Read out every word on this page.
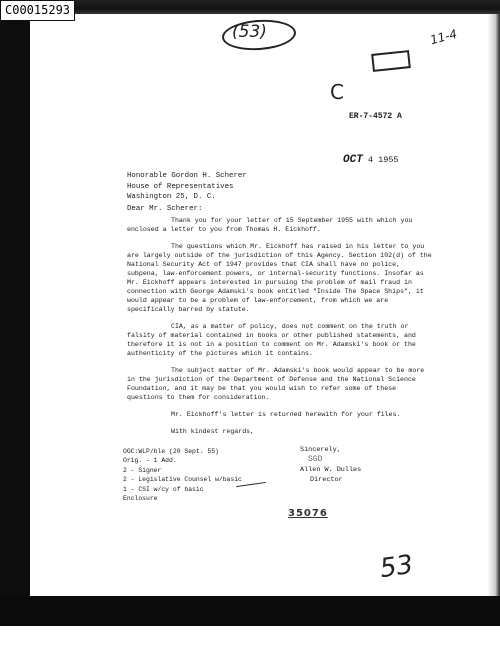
C00015293
(53)	11-4
C
ER-7-4572 A
OCT 4 1955
Honorable Gordon H. Scherer
House of Representatives
Washington 25, D. C.
Dear Mr. Scherer:

Thank you for your letter of 15 September 1955 with which you enclosed a letter to you from Thomas H. Eickhoff.

The questions which Mr. Eickhoff has raised in his letter to you are largely outside of the jurisdiction of this Agency. Section 102(d) of the National Security Act of 1947 provides that CIA shall have no police, subpena, law-enforcement powers, or internal-security functions. Insofar as Mr. Eickhoff appears interested in pursuing the problem of mail fraud in connection with George Adamski's book entitled "Inside The Space Ships", it would appear to be a problem of law-enforcement, from which we are specifically barred by statute.

CIA, as a matter of policy, does not comment on the truth or falsity of material contained in books or other published statements, and therefore it is not in a position to comment on Mr. Adamski's book or the authenticity of the pictures which it contains.

The subject matter of Mr. Adamski's book would appear to be more in the jurisdiction of the Department of Defense and the National Science Foundation, and it may be that you would wish to refer some of these questions to them for consideration.

Mr. Eickhoff's letter is returned herewith for your files.

With kindest regards,

OGC:WLP/ble (20 Sept. 55)
Orig. - 1 Add.
2 - Signer
2 - Legislative Counsel w/basic
1 - CSI w/cy of basic
Enclosure
Sincerely,
SGD
Allen W. Dulles
Director
35076
53
